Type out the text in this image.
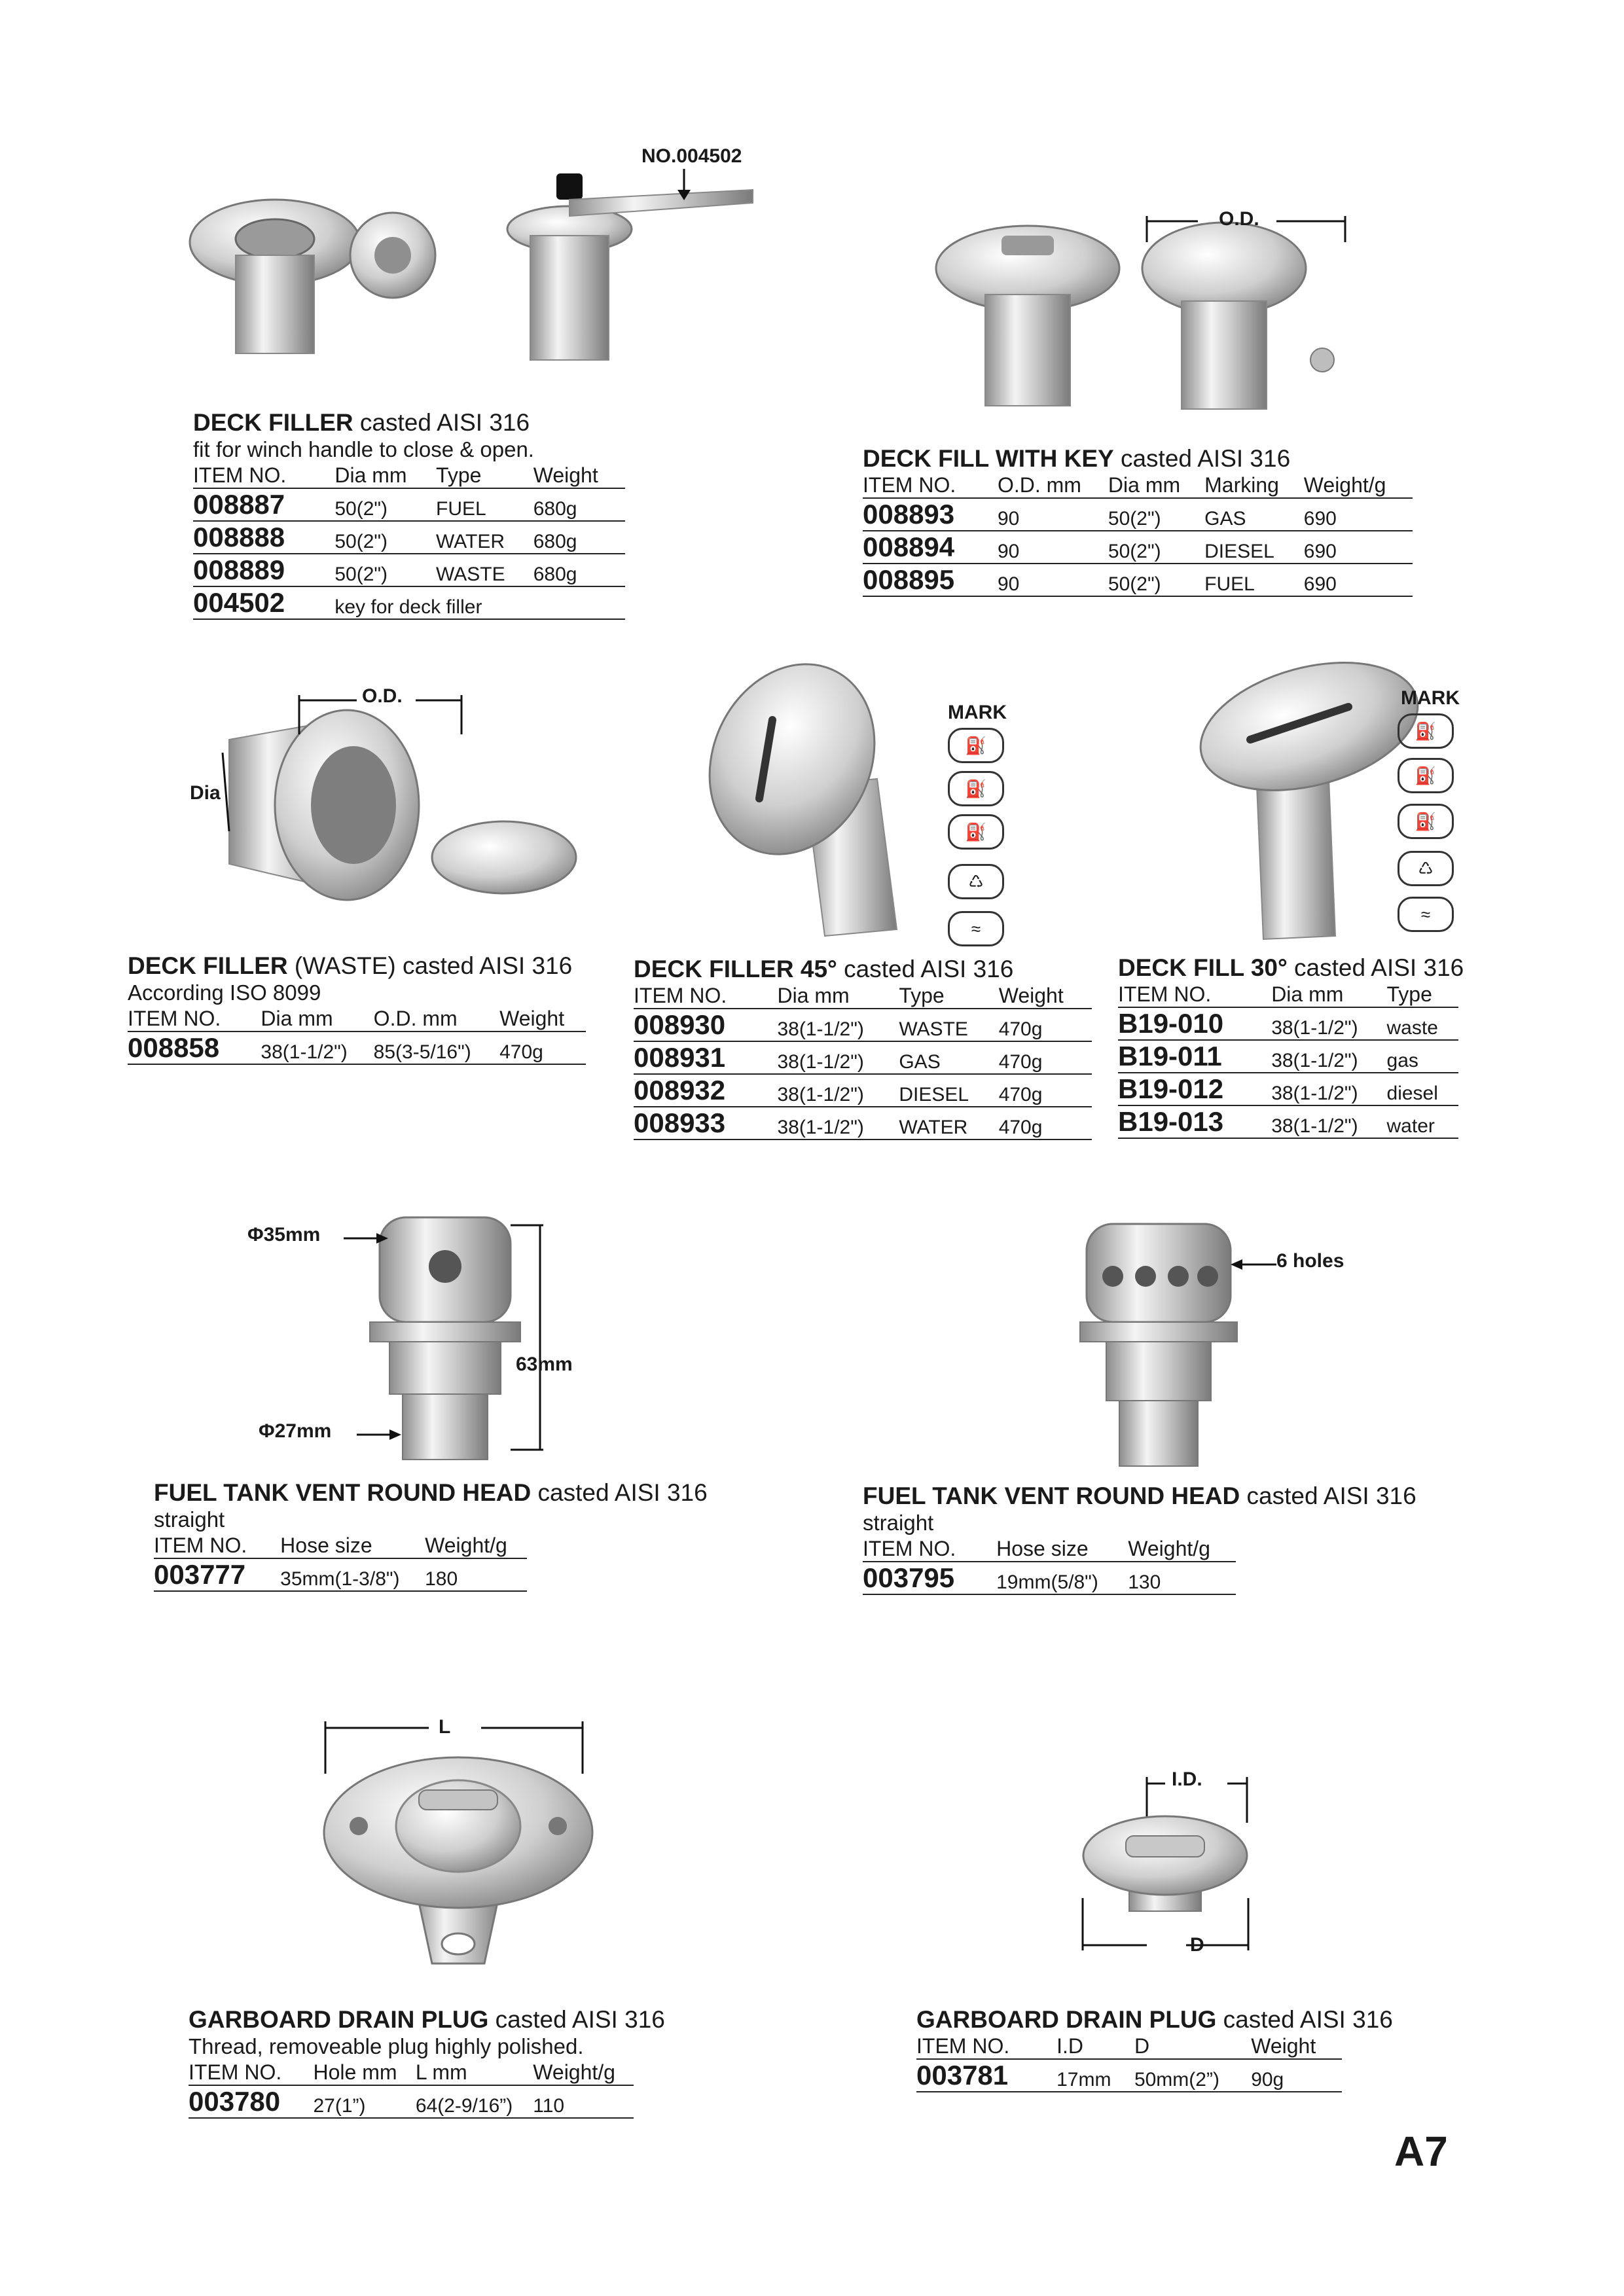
NO.004502
DECK FILLER casted AISI 316
fit for winch handle to close & open.
ITEM NO.	Dia mm	Type	Weight
008887	50(2")	FUEL	680g
008888	50(2")	WATER	680g
008889	50(2")	WASTE	680g
004502	key for deck filler		
O.D.
DECK FILL WITH KEY casted AISI 316
ITEM NO.	O.D. mm	Dia mm	Marking	Weight/g
008893	90	50(2")	GAS	690
008894	90	50(2")	DIESEL	690
008895	90	50(2")	FUEL	690
O.D.
Dia
DECK FILLER (WASTE) casted AISI 316
According ISO 8099
ITEM NO.	Dia mm	O.D. mm	Weight
008858	38(1-1/2")	85(3-5/16")	470g
MARK
⛽
⛽
⛽
♺
≈
DECK FILLER 45° casted AISI 316
ITEM NO.	Dia mm	Type	Weight
008930	38(1-1/2")	WASTE	470g
008931	38(1-1/2")	GAS	470g
008932	38(1-1/2")	DIESEL	470g
008933	38(1-1/2")	WATER	470g
MARK
⛽
⛽
⛽
♺
≈
DECK FILL 30° casted AISI 316
ITEM NO.	Dia mm	Type
B19-010	38(1-1/2")	waste
B19-011	38(1-1/2")	gas
B19-012	38(1-1/2")	diesel
B19-013	38(1-1/2")	water
Φ35mm
Φ27mm
63mm
FUEL TANK VENT ROUND HEAD casted AISI 316
straight
ITEM NO.	Hose size	Weight/g
003777	35mm(1-3/8")	180
6 holes
FUEL TANK VENT ROUND HEAD casted AISI 316
straight
ITEM NO.	Hose size	Weight/g
003795	19mm(5/8")	130
L
GARBOARD DRAIN PLUG casted AISI 316
Thread, removeable plug highly polished.
ITEM NO.	Hole mm	L mm	Weight/g
003780	27(1”)	64(2-9/16”)	110
I.D.
D
GARBOARD DRAIN PLUG casted AISI 316
ITEM NO.	I.D	D	Weight
003781	17mm	50mm(2”)	90g
A7
